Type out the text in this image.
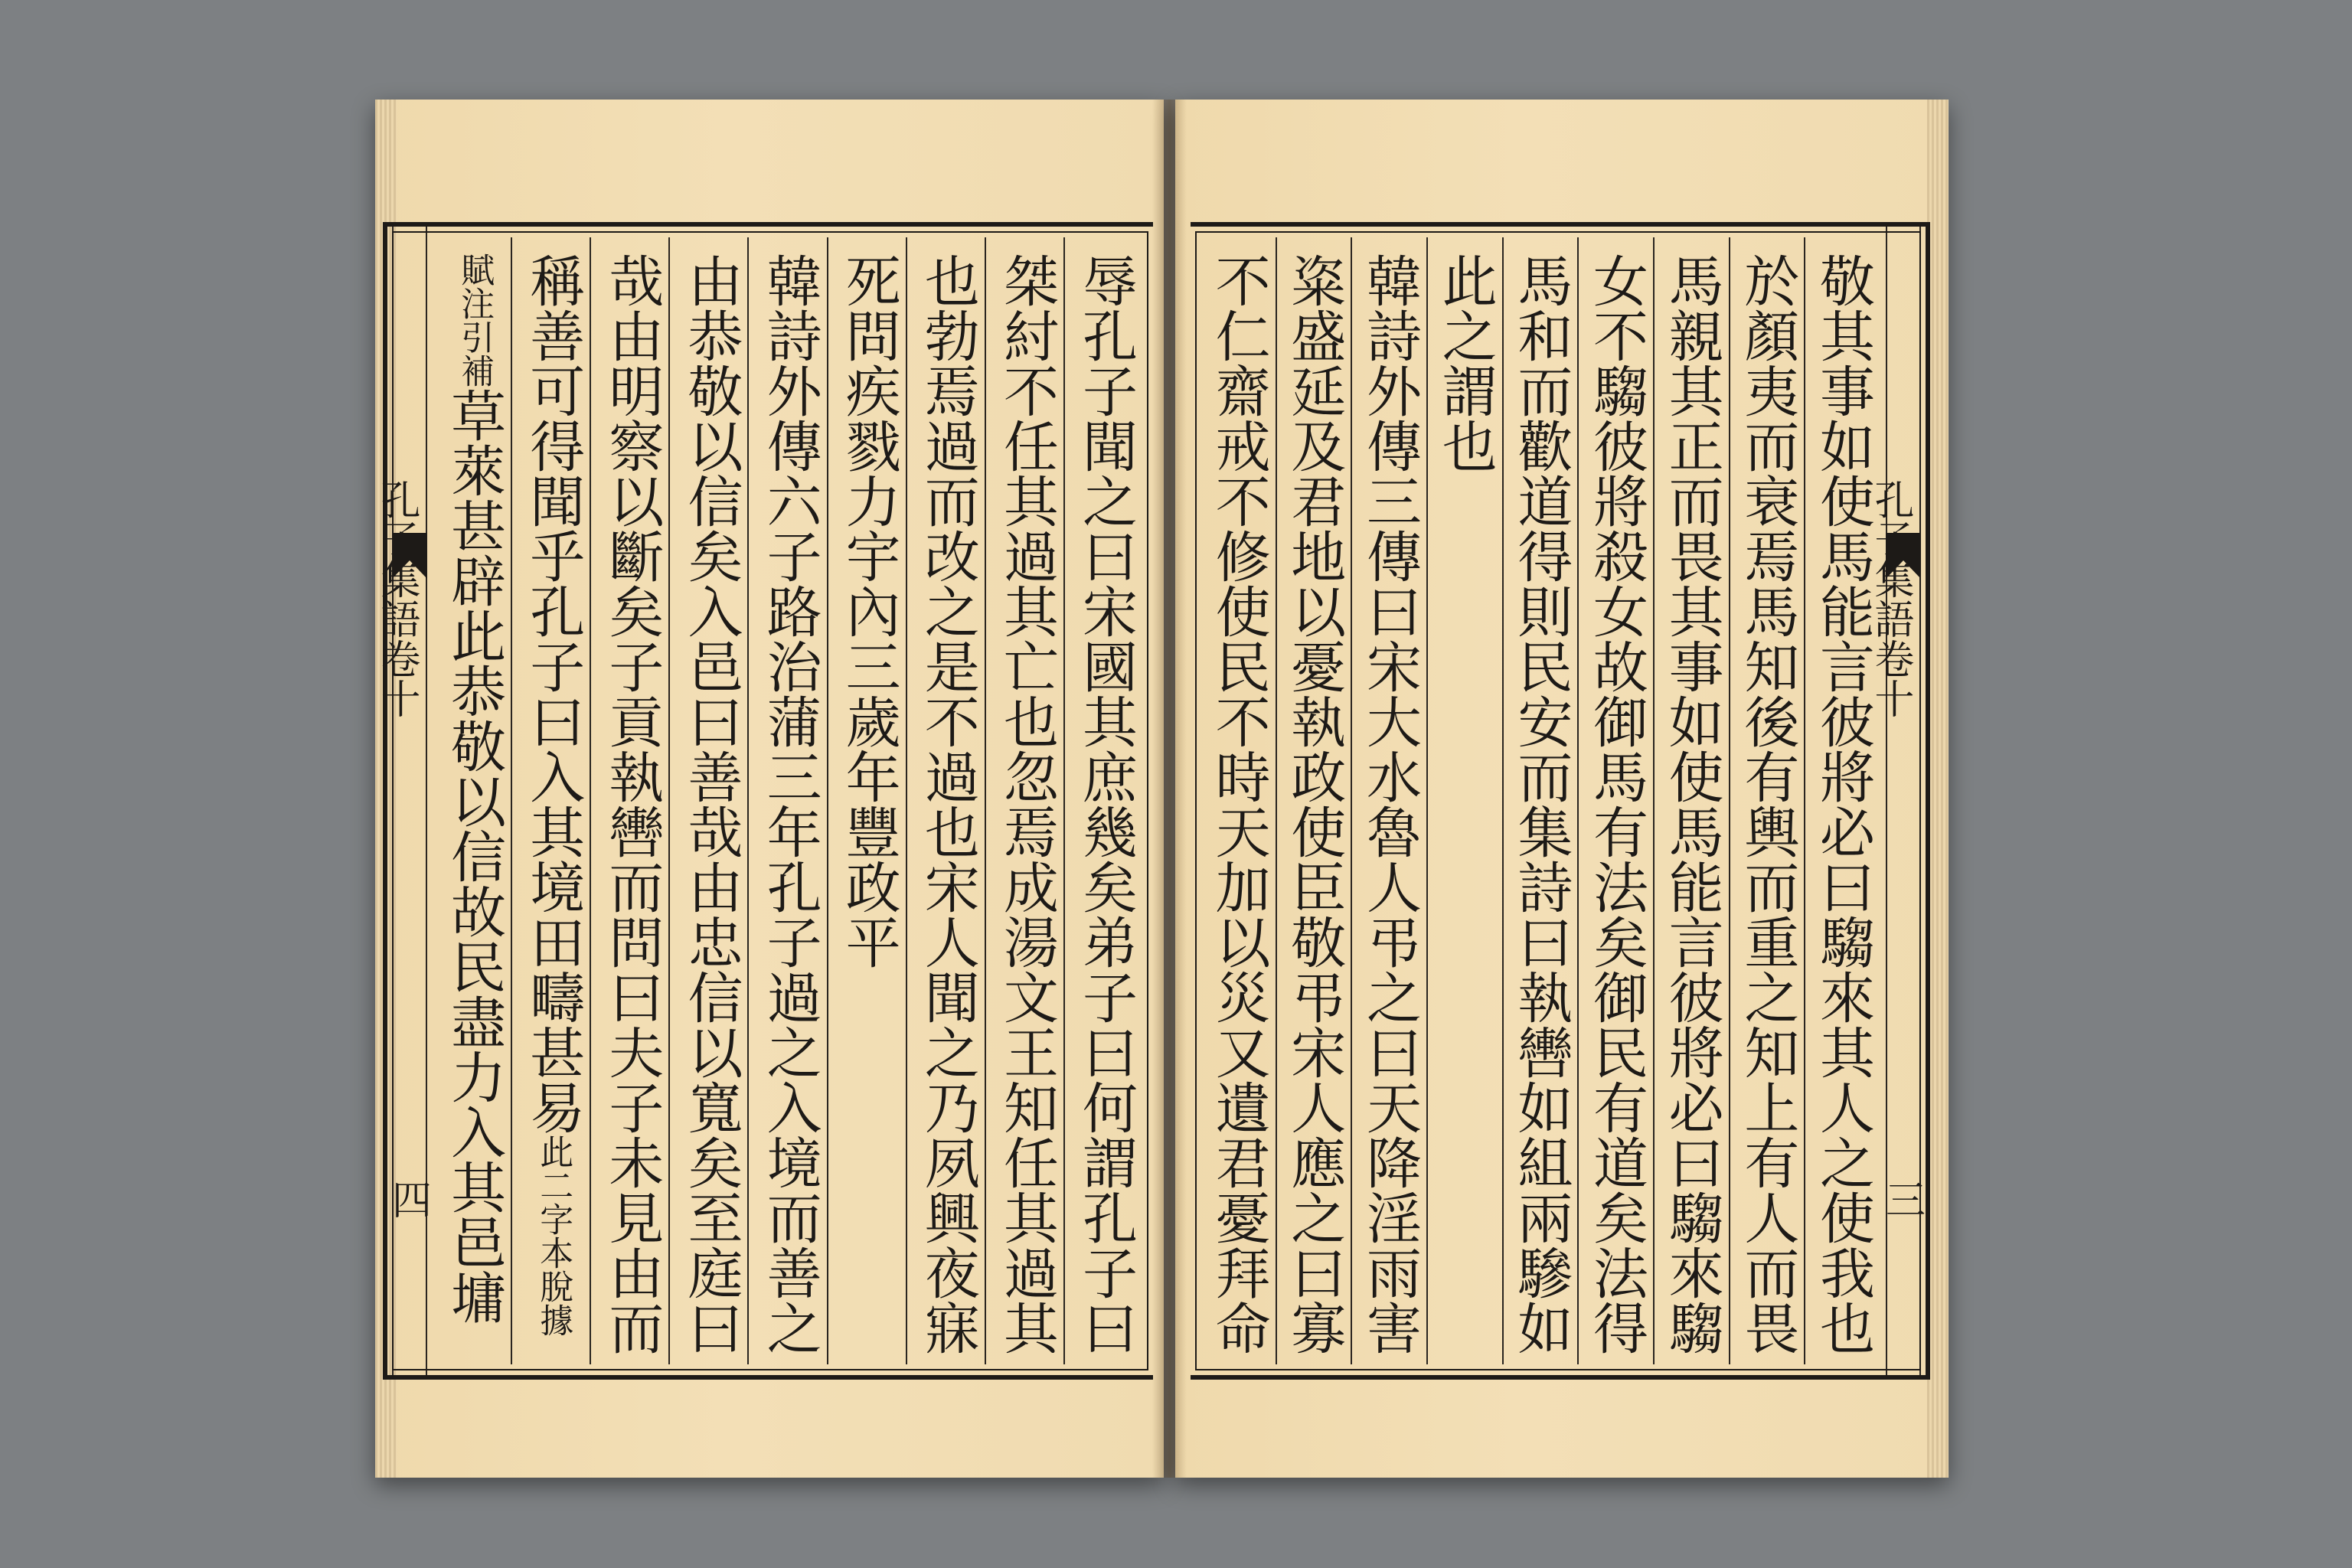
孔子集語卷十
四
辱孔子聞之曰宋國其庶幾矣弟子曰何謂孔子曰
桀紂不任其過其亡也忽焉成湯文王知任其過其
也勃焉過而改之是不過也宋人聞之乃夙興夜寐
死問疾戮力宇內三歲年豐政平
韓詩外傳六子路治蒲三年孔子過之入境而善之
由恭敬以信矣入邑曰善哉由忠信以寬矣至庭曰
哉由明察以斷矣子貢執轡而問曰夫子未見由而
稱善可得聞乎孔子曰入其境田疇甚易此二字本脫據
賦注引補草萊甚辟此恭敬以信故民盡力入其邑墉
孔子集語卷十
三
敬其事如使馬能言彼將必曰騶來其人之使我也
於顏夷而衰焉馬知後有輿而重之知上有人而畏
馬親其正而畏其事如使馬能言彼將必曰騶來騶
女不騶彼將殺女故御馬有法矣御民有道矣法得
馬和而歡道得則民安而集詩曰執轡如組兩驂如
此之謂也
韓詩外傳三傳曰宋大水魯人弔之曰天降淫雨害
粢盛延及君地以憂執政使臣敬弔宋人應之曰寡
不仁齋戒不修使民不時天加以災又遺君憂拜命
